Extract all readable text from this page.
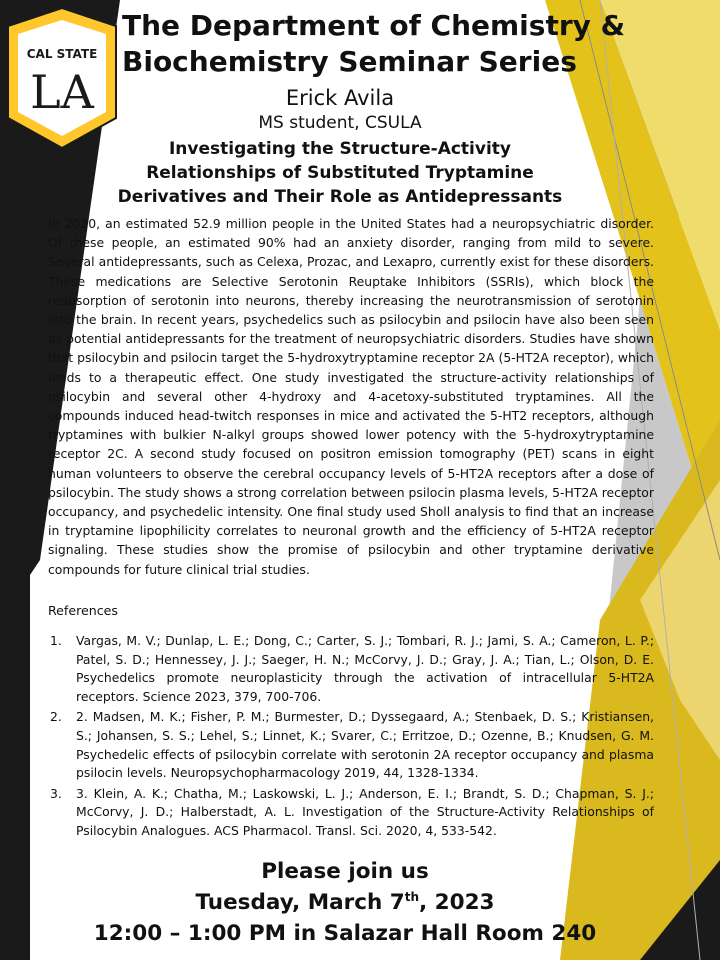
CAL STATE
LA
The Department of Chemistry &
Biochemistry Seminar Series
Erick Avila
MS student, CSULA
Investigating the Structure-Activity
Relationships of Substituted Tryptamine
Derivatives and Their Role as Antidepressants

In 2020, an estimated 52.9 million people in the United States had a neuropsychiatric disorder. Of these people, an estimated 90% had an anxiety disorder, ranging from mild to severe. Several antidepressants, such as Celexa, Prozac, and Lexapro, currently exist for these disorders. These medications are Selective Serotonin Reuptake Inhibitors (SSRIs), which block the reabsorption of serotonin into neurons, thereby increasing the neurotransmission of serotonin into the brain. In recent years, psychedelics such as psilocybin and psilocin have also been seen as potential antidepressants for the treatment of neuropsychiatric disorders. Studies have shown that psilocybin and psilocin target the 5-hydroxytryptamine receptor 2A (5-HT2A receptor), which leads to a therapeutic effect. One study investigated the structure-activity relationships of psilocybin and several other 4-hydroxy and 4-acetoxy-substituted tryptamines. All the compounds induced head-twitch responses in mice and activated the 5-HT2 receptors, although tryptamines with bulkier N-alkyl groups showed lower potency with the 5-hydroxytryptamine receptor 2C. A second study focused on positron emission tomography (PET) scans in eight human volunteers to observe the cerebral occupancy levels of 5-HT2A receptors after a dose of psilocybin. The study shows a strong correlation between psilocin plasma levels, 5-HT2A receptor occupancy, and psychedelic intensity. One final study used Sholl analysis to find that an increase in tryptamine lipophilicity correlates to neuronal growth and the efficiency of 5-HT2A receptor signaling. These studies show the promise of psilocybin and other tryptamine derivative compounds for future clinical trial studies.

References
1. Vargas, M. V.; Dunlap, L. E.; Dong, C.; Carter, S. J.; Tombari, R. J.; Jami, S. A.; Cameron, L. P.; Patel, S. D.; Hennessey, J. J.; Saeger, H. N.; McCorvy, J. D.; Gray, J. A.; Tian, L.; Olson, D. E. Psychedelics promote neuroplasticity through the activation of intracellular 5-HT2A receptors. Science 2023, 379, 700-706.
2. 2. Madsen, M. K.; Fisher, P. M.; Burmester, D.; Dyssegaard, A.; Stenbaek, D. S.; Kristiansen, S.; Johansen, S. S.; Lehel, S.; Linnet, K.; Svarer, C.; Erritzoe, D.; Ozenne, B.; Knudsen, G. M. Psychedelic effects of psilocybin correlate with serotonin 2A receptor occupancy and plasma psilocin levels. Neuropsychopharmacology 2019, 44, 1328-1334.
3. 3. Klein, A. K.; Chatha, M.; Laskowski, L. J.; Anderson, E. I.; Brandt, S. D.; Chapman, S. J.; McCorvy, J. D.; Halberstadt, A. L. Investigation of the Structure-Activity Relationships of Psilocybin Analogues. ACS Pharmacol. Transl. Sci. 2020, 4, 533-542.
Please join us
Tuesday, March 7th, 2023
12:00 – 1:00 PM in Salazar Hall Room 240
